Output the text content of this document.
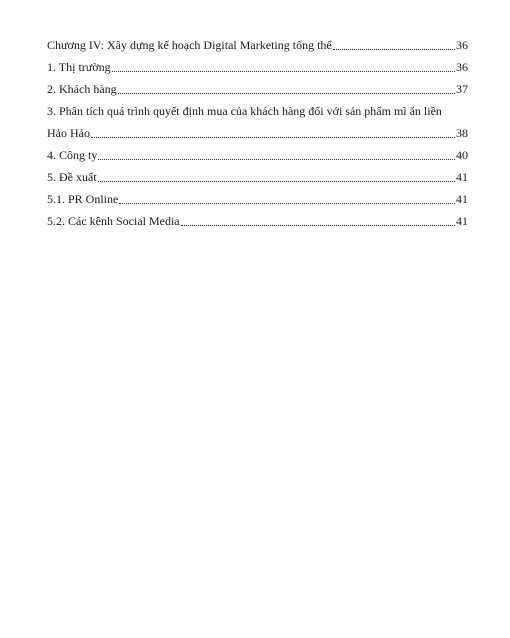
Chương IV: Xây dựng kế hoạch Digital Marketing tổng thể	36
1. Thị trường	36
2. Khách hàng	37
3. Phân tích quá trình quyết định mua của khách hàng đối với sản phẩm mì ăn liền
Hảo Hảo	38
4. Công ty	40
5. Đề xuất	41
5.1. PR Online	41
5.2. Các kênh Social Media	41
